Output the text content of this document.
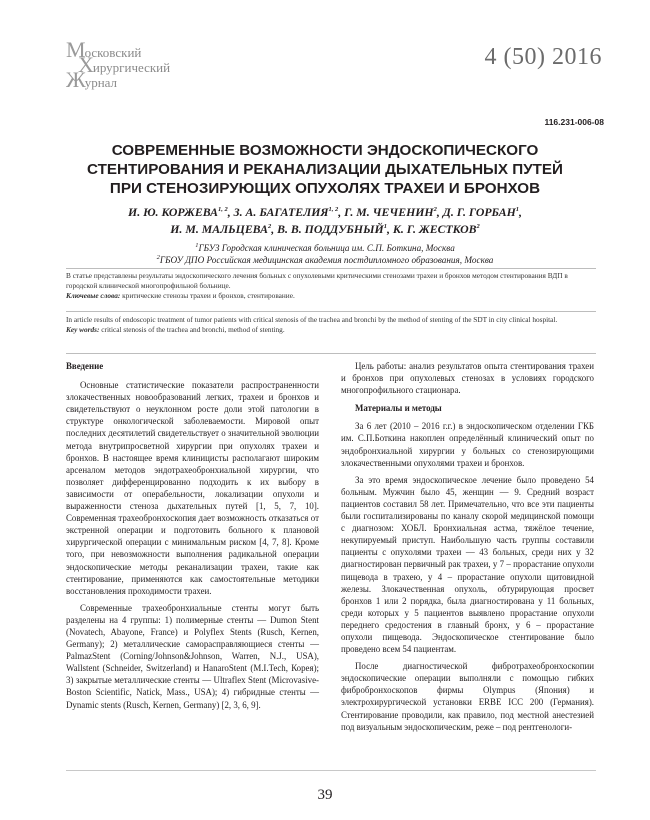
Московский
Хирургический
Журнал
4 (50) 2016
116.231-006-08
СОВРЕМЕННЫЕ ВОЗМОЖНОСТИ ЭНДОСКОПИЧЕСКОГО
СТЕНТИРОВАНИЯ И РЕКАНАЛИЗАЦИИ ДЫХАТЕЛЬНЫХ ПУТЕЙ
ПРИ СТЕНОЗИРУЮЩИХ ОПУХОЛЯХ ТРАХЕИ И БРОНХОВ
И. Ю. КОРЖЕВА$^{1, 2}$, З. А. БАГАТЕЛИЯ$^{1, 2}$, Г. М. ЧЕЧЕНИН$^2$, Д. Г. ГОРБАН$^1$,
И. М. МАЛЬЦЕВА$^2$, В. В. ПОДДУБНЫЙ$^1$, К. Г. ЖЕСТКОВ$^2$
$^1$ГБУЗ Городская клиническая больница им. С.П. Боткина, Москва
$^2$ГБОУ ДПО Российская медицинская академия постдипломного образования, Москва
В статье представлены результаты эндоскопического лечения больных с опухолевыми критическими стенозами трахеи и бронхов методом стентирования ВДП в городской клинической многопрофильной больнице.
Ключевые слова: критические стенозы трахеи и бронхов, стентирование.
In article results of endoscopic treatment of tumor patients with critical stenosis of the trachea and bronchi by the method of stenting of the SDT in city clinical hospital.
Key words: critical stenosis of the trachea and bronchi, method of stenting.
Введение

Основные статистические показатели распространенности злокачественных новообразований легких, трахеи и бронхов и свидетельствуют о неуклонном росте доли этой патологии в структуре онкологической заболеваемости. Мировой опыт последних десятилетий свидетельствует о значительной эволюции метода внутрипросветной хирургии при опухолях трахеи и бронхов. В настоящее время клиницисты располагают широким арсеналом методов эндотрахеобронхиальной хирургии, что позволяет дифференцированно подходить к их выбору в зависимости от операбельности, локализации опухоли и выраженности стеноза дыхательных путей [1, 5, 7, 10]. Современная трахеобронхоскопия дает возможность отказаться от экстренной операции и подготовить больного к плановой хирургической операции с минимальным риском [4, 7, 8]. Кроме того, при невозможности выполнения радикальной операции эндоскопические методы реканализации трахеи, такие как стентирование, применяются как самостоятельные методики восстановления проходимости трахеи.

Современные трахеобронхиальные стенты могут быть разделены на 4 группы: 1) полимерные стенты — Dumon Stent (Novatech, Abayone, France) и Polyflex Stents (Rusch, Kernen, Germany); 2) металлические саморасправляющиеся стенты — PalmazStent (Corning/Johnson&Johnson, Warren, N.J., USA), Wallstent (Schneider, Switzerland) и HanaroStent (M.I.Tech, Корея); 3) закрытые металлические стенты — Ultraflex Stent (Microvasive-Boston Scientific, Natick, Mass., USA); 4) гибридные стенты — Dynamic stents (Rusch, Kernen, Germany) [2, 3, 6, 9].

Цель работы: анализ результатов опыта стентирования трахеи и бронхов при опухолевых стенозах в условиях городского многопрофильного стационара.

Материалы и методы

За 6 лет (2010 – 2016 г.г.) в эндоскопическом отделении ГКБ им. С.П.Боткина накоплен определённый клинический опыт по эндобронхиальной хирургии у больных со стенозирующими злокачественными опухолями трахеи и бронхов.

За это время эндоскопическое лечение было проведено 54 больным. Мужчин было 45, женщин — 9. Средний возраст пациентов составил 58 лет. Примечательно, что все эти пациенты были госпитализированы по каналу скорой медицинской помощи с диагнозом: ХОБЛ. Бронхиальная астма, тяжёлое течение, некупируемый приступ. Наибольшую часть группы составили пациенты с опухолями трахеи — 43 больных, среди них у 32 диагностирован первичный рак трахеи, у 7 – прорастание опухоли пищевода в трахею, у 4 – прорастание опухоли щитовидной железы. Злокачественная опухоль, обтурирующая просвет бронхов 1 или 2 порядка, была диагностирована у 11 больных, среди которых у 5 пациентов выявлено прорастание опухоли переднего средостения в главный бронх, у 6 – прорастание опухоли пищевода. Эндоскопическое стентирование было проведено всем 54 пациентам.

После диагностической фибротрахеобронхоскопии эндоскопические операции выполняли с помощью гибких фибробронхоскопов фирмы Olympus (Япония) и электрохирургической установки ERBE ICC 200 (Германия). Стентирование проводили, как правило, под местной анестезией под визуальным эндоскопическим, реже – под рентгенологи-

39
